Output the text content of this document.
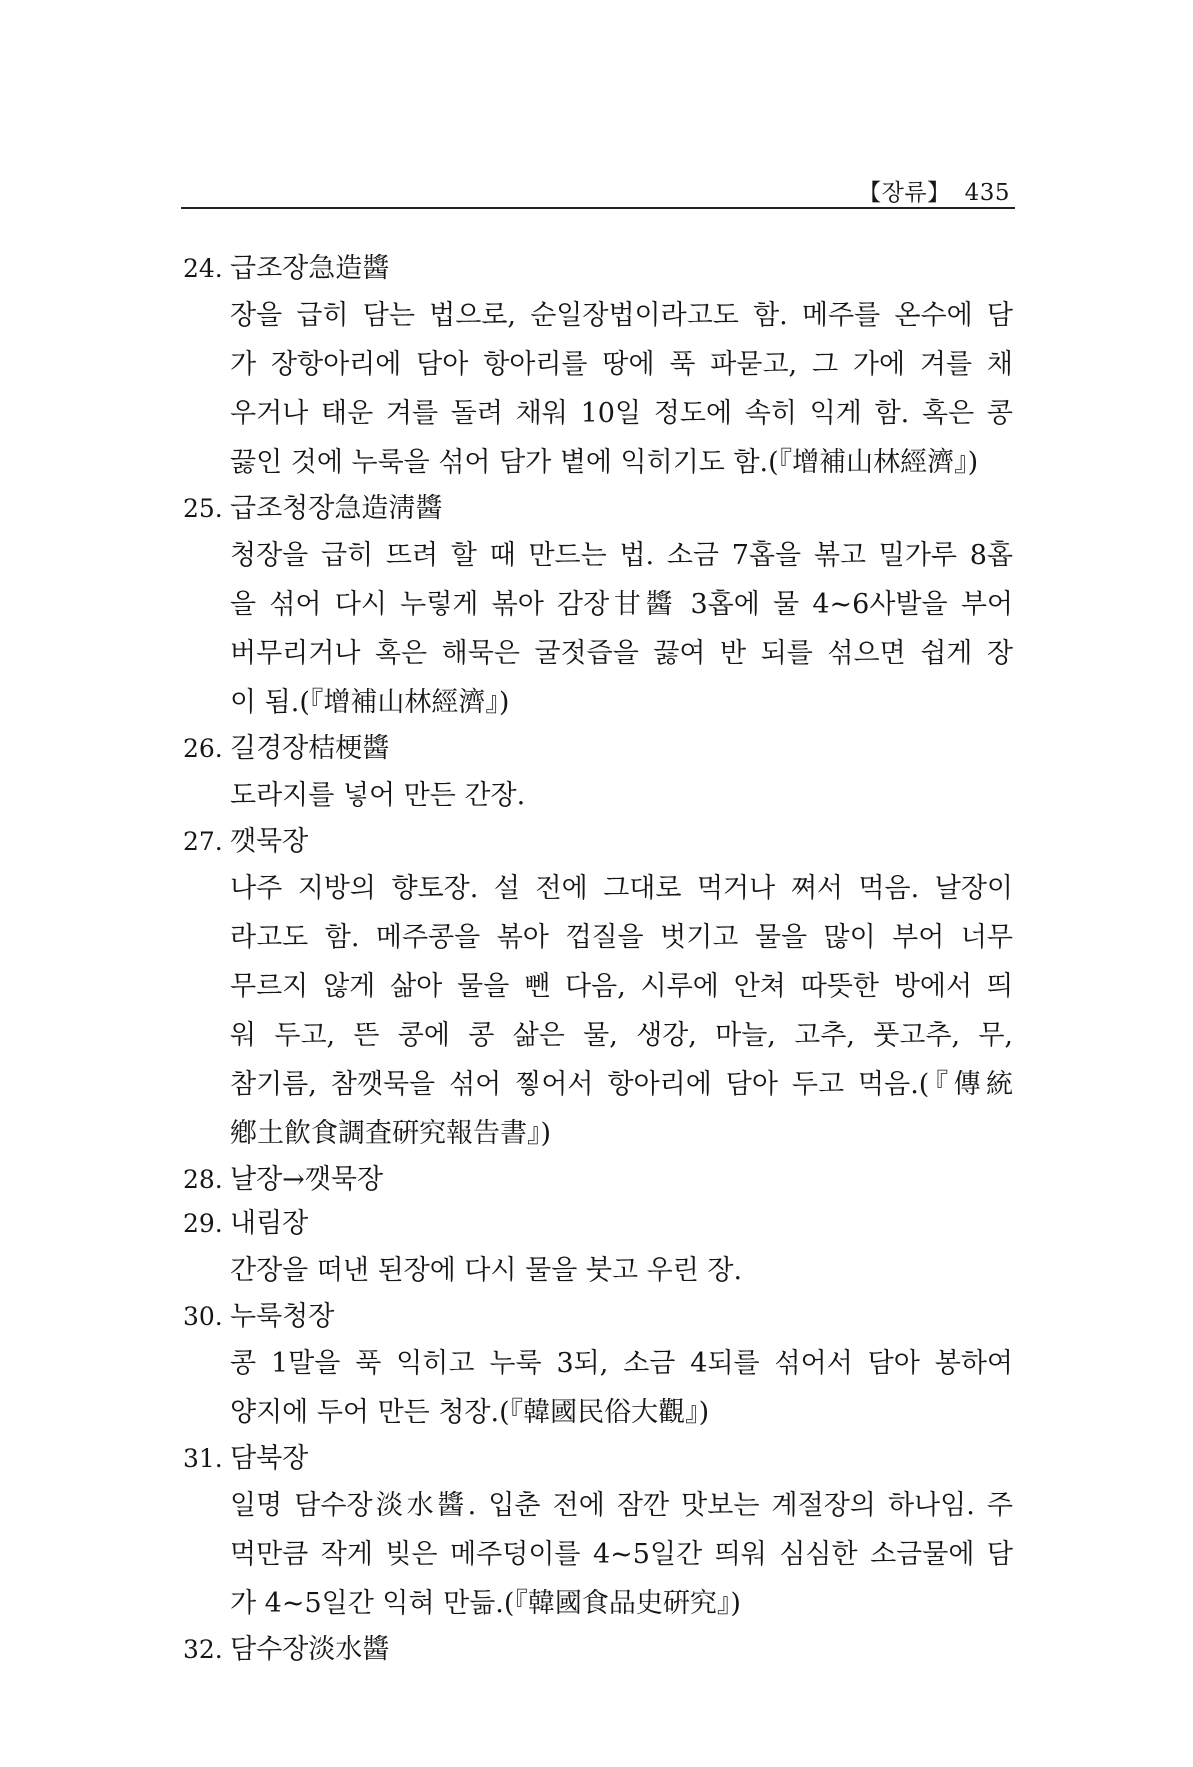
【장류】 435
24. 급조장急造醬
장을 급히 담는 법으로, 순일장법이라고도 함. 메주를 온수에 담
가 장항아리에 담아 항아리를 땅에 푹 파묻고, 그 가에 겨를 채
우거나 태운 겨를 돌려 채워 10일 정도에 속히 익게 함. 혹은 콩
끓인 것에 누룩을 섞어 담가 볕에 익히기도 함.(『增補山林經濟』)
25. 급조청장急造淸醬
청장을 급히 뜨려 할 때 만드는 법. 소금 7홉을 볶고 밀가루 8홉
을 섞어 다시 누렇게 볶아 감장甘醬 3홉에 물 4~6사발을 부어
버무리거나 혹은 해묵은 굴젓즙을 끓여 반 되를 섞으면 쉽게 장
이 됨.(『增補山林經濟』)
26. 길경장桔梗醬
도라지를 넣어 만든 간장.
27. 깻묵장
나주 지방의 향토장. 설 전에 그대로 먹거나 쪄서 먹음. 날장이
라고도 함. 메주콩을 볶아 껍질을 벗기고 물을 많이 부어 너무
무르지 않게 삶아 물을 뺀 다음, 시루에 안쳐 따뜻한 방에서 띄
워 두고, 뜬 콩에 콩 삶은 물, 생강, 마늘, 고추, 풋고추, 무,
참기름, 참깻묵을 섞어 찧어서 항아리에 담아 두고 먹음.(『傳統
鄕土飮食調査硏究報告書』)
28. 날장→깻묵장
29. 내림장
간장을 떠낸 된장에 다시 물을 붓고 우린 장.
30. 누룩청장
콩 1말을 푹 익히고 누룩 3되, 소금 4되를 섞어서 담아 봉하여
양지에 두어 만든 청장.(『韓國民俗大觀』)
31. 담북장
일명 담수장淡水醬. 입춘 전에 잠깐 맛보는 계절장의 하나임. 주
먹만큼 작게 빚은 메주덩이를 4~5일간 띄워 심심한 소금물에 담
가 4~5일간 익혀 만듦.(『韓國食品史硏究』)
32. 담수장淡水醬
